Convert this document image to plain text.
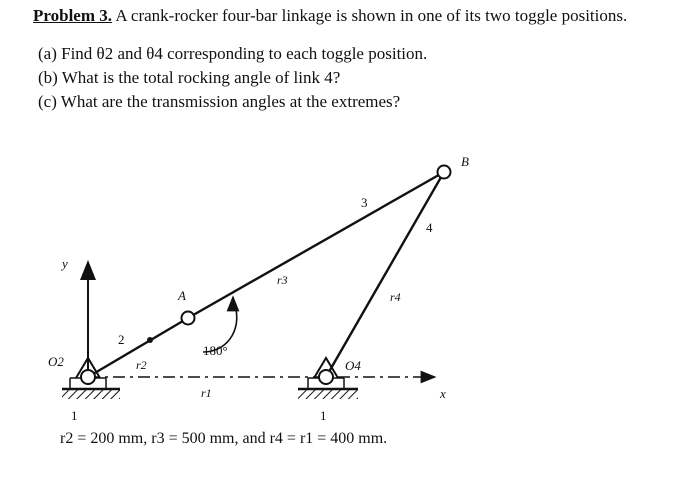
Problem 3. A crank-rocker four-bar linkage is shown in one of its two toggle positions.

(a) Find θ2 and θ4 corresponding to each toggle position.

(b) What is the total rocking angle of link 4?

(c) What are the transmission angles at the extremes?

y
x
180°
B
A
3
4
2
r3
r4
r2
r1
O2	O4
1	1

r2 = 200 mm, r3 = 500 mm, and r4 = r1 = 400 mm.
